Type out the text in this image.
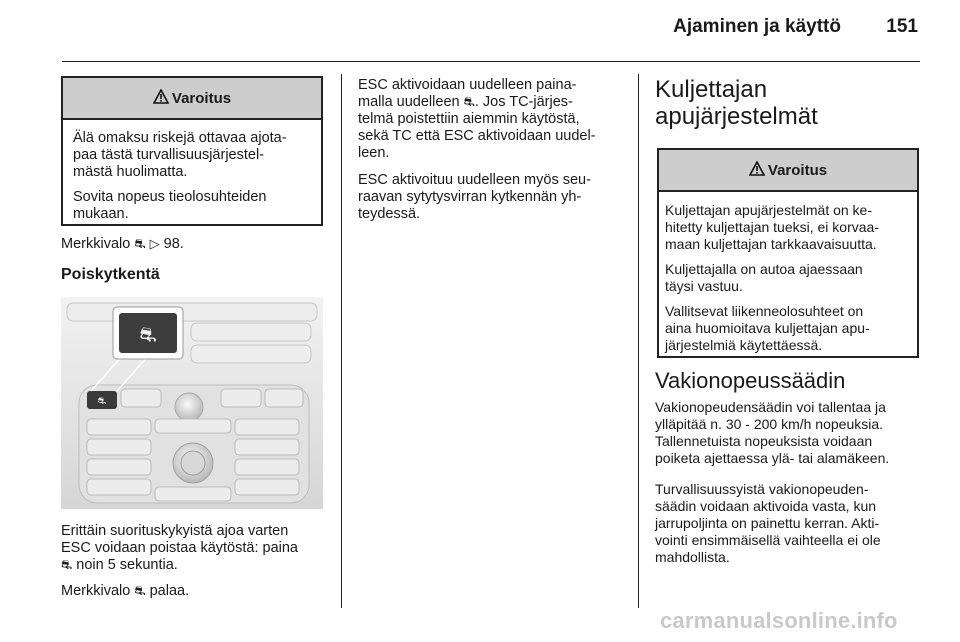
Ajaminen ja käyttö 151
Varoitus

Älä omaksu riskejä ottavaa ajota-
paa tästä turvallisuusjärjestel-
mästä huolimatta.

Sovita nopeus tieolosuhteiden
mukaan.

Merkkivalo ⛐ ▷ 98.

Poiskytkentä
⛐
⛐

Erittäin suorituskykyistä ajoa varten
ESC voidaan poistaa käytöstä: paina
⛐ noin 5 sekuntia.

Merkkivalo ⛐ palaa.

ESC aktivoidaan uudelleen paina-
malla uudelleen ⛐. Jos TC-järjes-
telmä poistettiin aiemmin käytöstä,
sekä TC että ESC aktivoidaan uudel-
leen.

ESC aktivoituu uudelleen myös seu-
raavan sytytysvirran kytkennän yh-
teydessä.

Kuljettajan
apujärjestelmät
Varoitus

Kuljettajan apujärjestelmät on ke-
hitetty kuljettajan tueksi, ei korvaa-
maan kuljettajan tarkkaavaisuutta.

Kuljettajalla on autoa ajaessaan
täysi vastuu.

Vallitsevat liikenneolosuhteet on
aina huomioitava kuljettajan apu-
järjestelmiä käytettäessä.

Vakionopeussäädin

Vakionopeudensäädin voi tallentaa ja
ylläpitää n. 30 - 200 km/h nopeuksia.
Tallennetuista nopeuksista voidaan
poiketa ajettaessa ylä- tai alamäkeen.

Turvallisuussyistä vakionopeuden-
säädin voidaan aktivoida vasta, kun
jarrupoljinta on painettu kerran. Akti-
vointi ensimmäisellä vaihteella ei ole
mahdollista.

carmanualsonline.info
